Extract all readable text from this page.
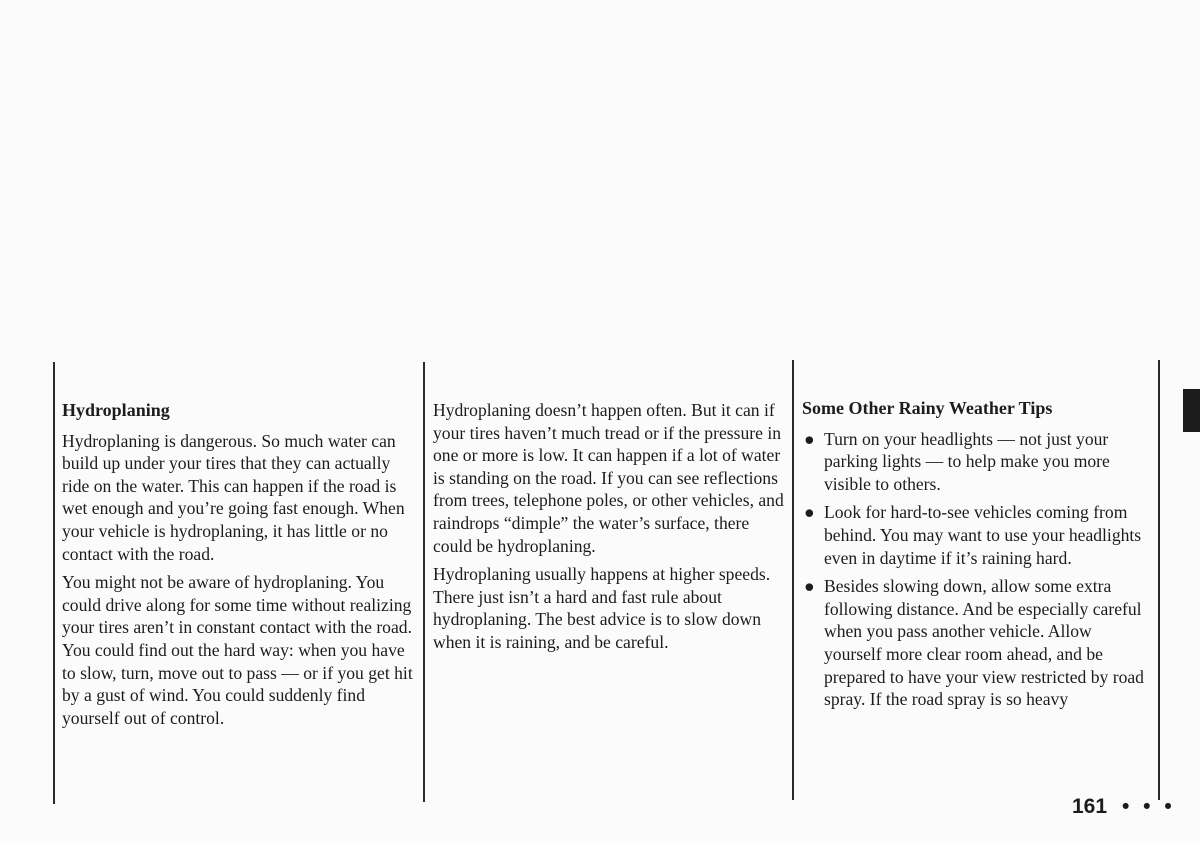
Hydroplaning

Hydroplaning is dangerous. So much water can build up under your tires that they can actually ride on the water. This can happen if the road is wet enough and you’re going fast enough. When your vehicle is hydroplaning, it has little or no contact with the road.

You might not be aware of hydroplaning. You could drive along for some time without realizing your tires aren’t in constant contact with the road. You could find out the hard way: when you have to slow, turn, move out to pass — or if you get hit by a gust of wind. You could suddenly find yourself out of control.

Hydroplaning doesn’t happen often. But it can if your tires haven’t much tread or if the pressure in one or more is low. It can happen if a lot of water is standing on the road. If you can see reflections from trees, telephone poles, or other vehicles, and raindrops “dimple” the water’s surface, there could be hydroplaning.

Hydroplaning usually happens at higher speeds. There just isn’t a hard and fast rule about hydroplaning. The best advice is to slow down when it is raining, and be careful.

Some Other Rainy Weather Tips
● Turn on your headlights — not just your parking lights — to help make you more visible to others.
● Look for hard-to-see vehicles coming from behind. You may want to use your headlights even in daytime if it’s raining hard.
● Besides slowing down, allow some extra following distance. And be especially careful when you pass another vehicle. Allow yourself more clear room ahead, and be prepared to have your view restricted by road spray. If the road spray is so heavy
161 • • •
